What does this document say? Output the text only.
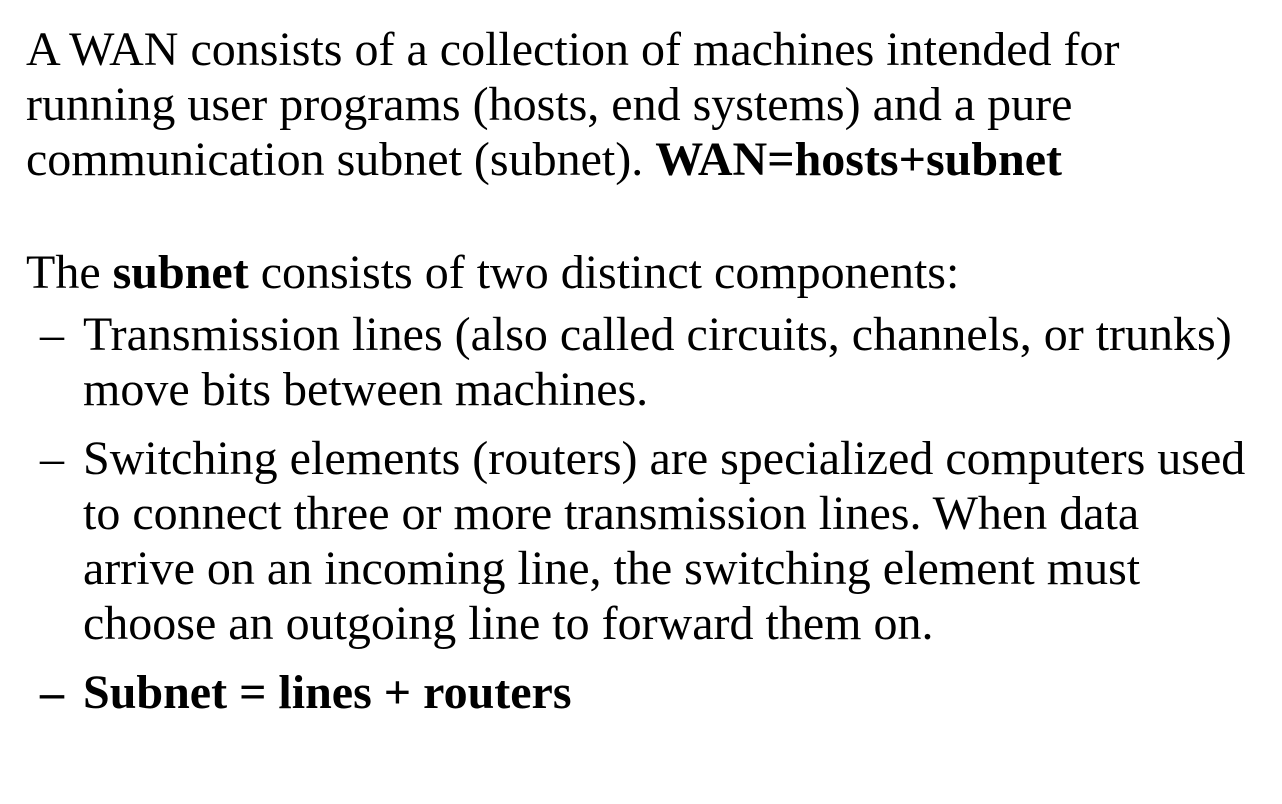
A WAN consists of a collection of machines intended for running user programs (hosts, end systems) and a pure communication subnet (subnet). WAN=hosts+subnet

The subnet consists of two distinct components:

– Transmission lines (also called circuits, channels, or trunks) move bits between machines.
– Switching elements (routers) are specialized computers used to connect three or more transmission lines. When data arrive on an incoming line, the switching element must choose an outgoing line to forward them on.
– Subnet = lines + routers
